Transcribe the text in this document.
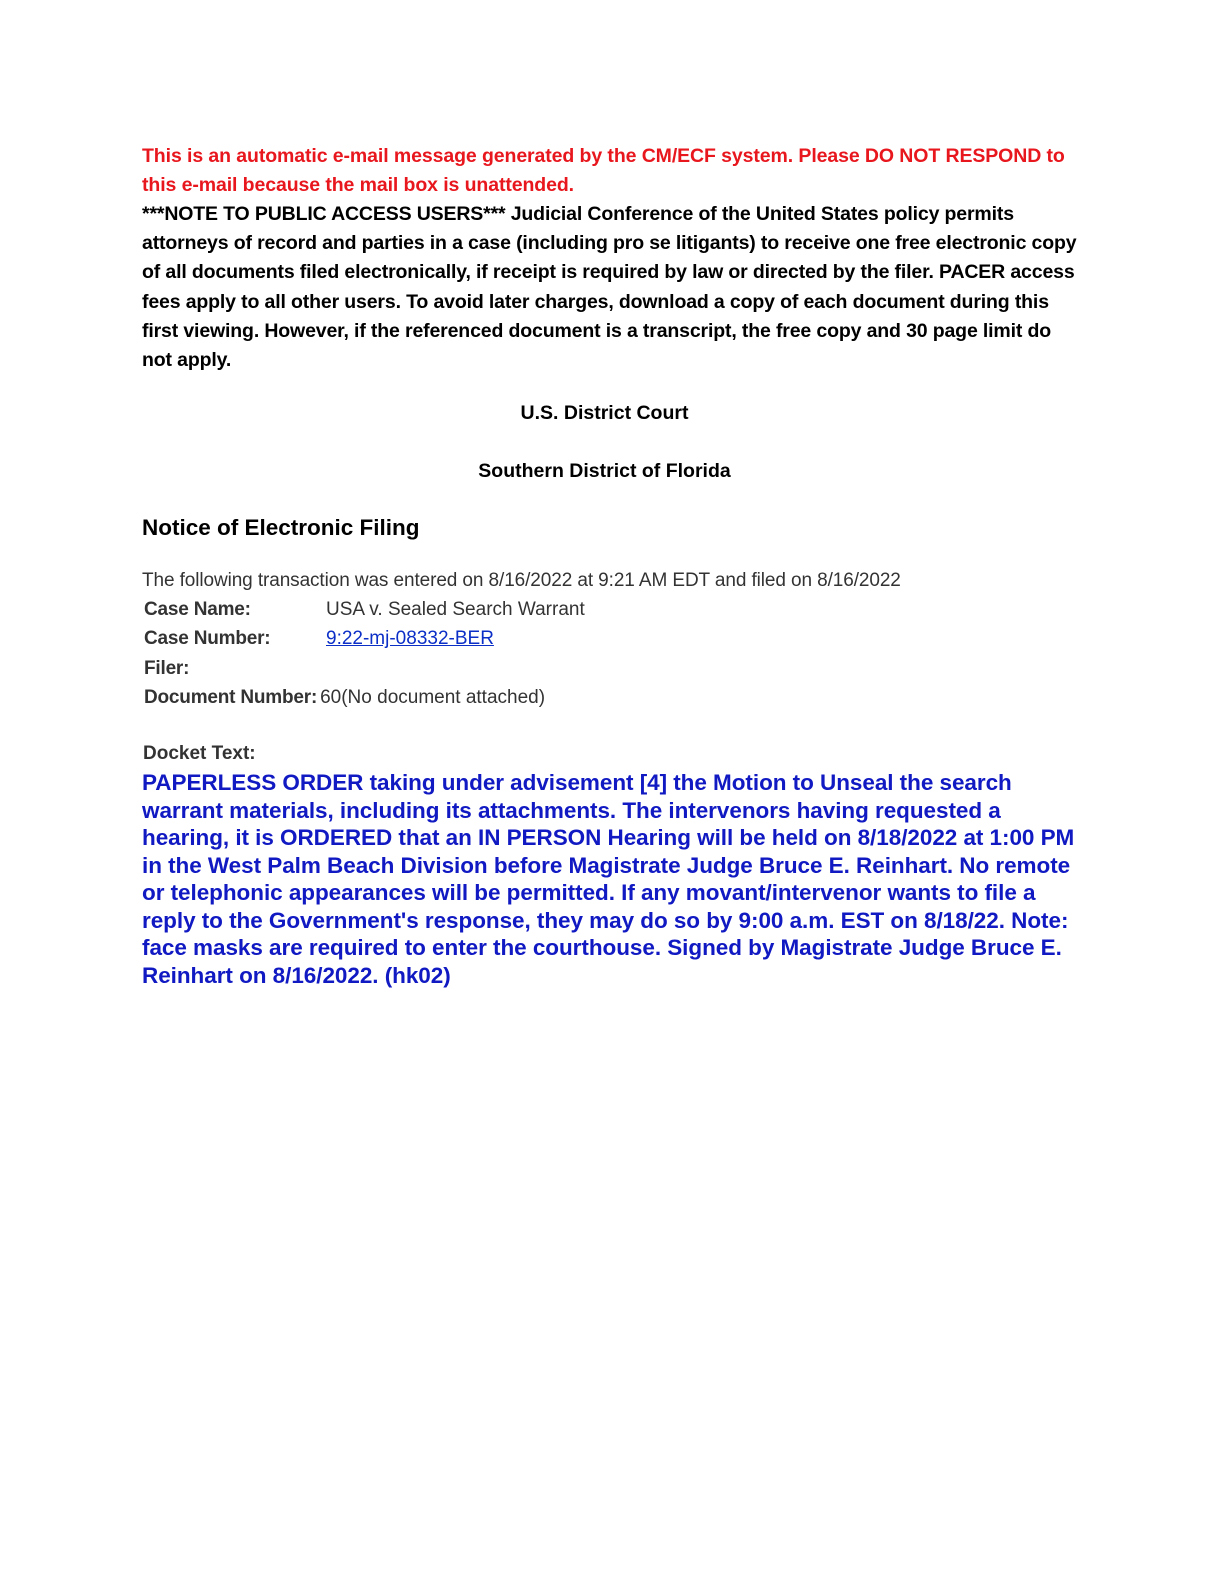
This is an automatic e-mail message generated by the CM/ECF system. Please DO NOT RESPOND to this e-mail because the mail box is unattended.

***NOTE TO PUBLIC ACCESS USERS*** Judicial Conference of the United States policy permits attorneys of record and parties in a case (including pro se litigants) to receive one free electronic copy of all documents filed electronically, if receipt is required by law or directed by the filer. PACER access fees apply to all other users. To avoid later charges, download a copy of each document during this first viewing. However, if the referenced document is a transcript, the free copy and 30 page limit do not apply.

U.S. District Court

Southern District of Florida

Notice of Electronic Filing

The following transaction was entered on 8/16/2022 at 9:21 AM EDT and filed on 8/16/2022

Case Name:	USA v. Sealed Search Warrant
Case Number:	9:22-mj-08332-BER
Filer:
Document Number: 60(No document attached)

Docket Text:

PAPERLESS ORDER taking under advisement [4] the Motion to Unseal the search warrant materials, including its attachments. The intervenors having requested a hearing, it is ORDERED that an IN PERSON Hearing will be held on 8/18/2022 at 1:00 PM in the West Palm Beach Division before Magistrate Judge Bruce E. Reinhart. No remote or telephonic appearances will be permitted. If any movant/intervenor wants to file a reply to the Government's response, they may do so by 9:00 a.m. EST on 8/18/22. Note: face masks are required to enter the courthouse. Signed by Magistrate Judge Bruce E. Reinhart on 8/16/2022. (hk02)
